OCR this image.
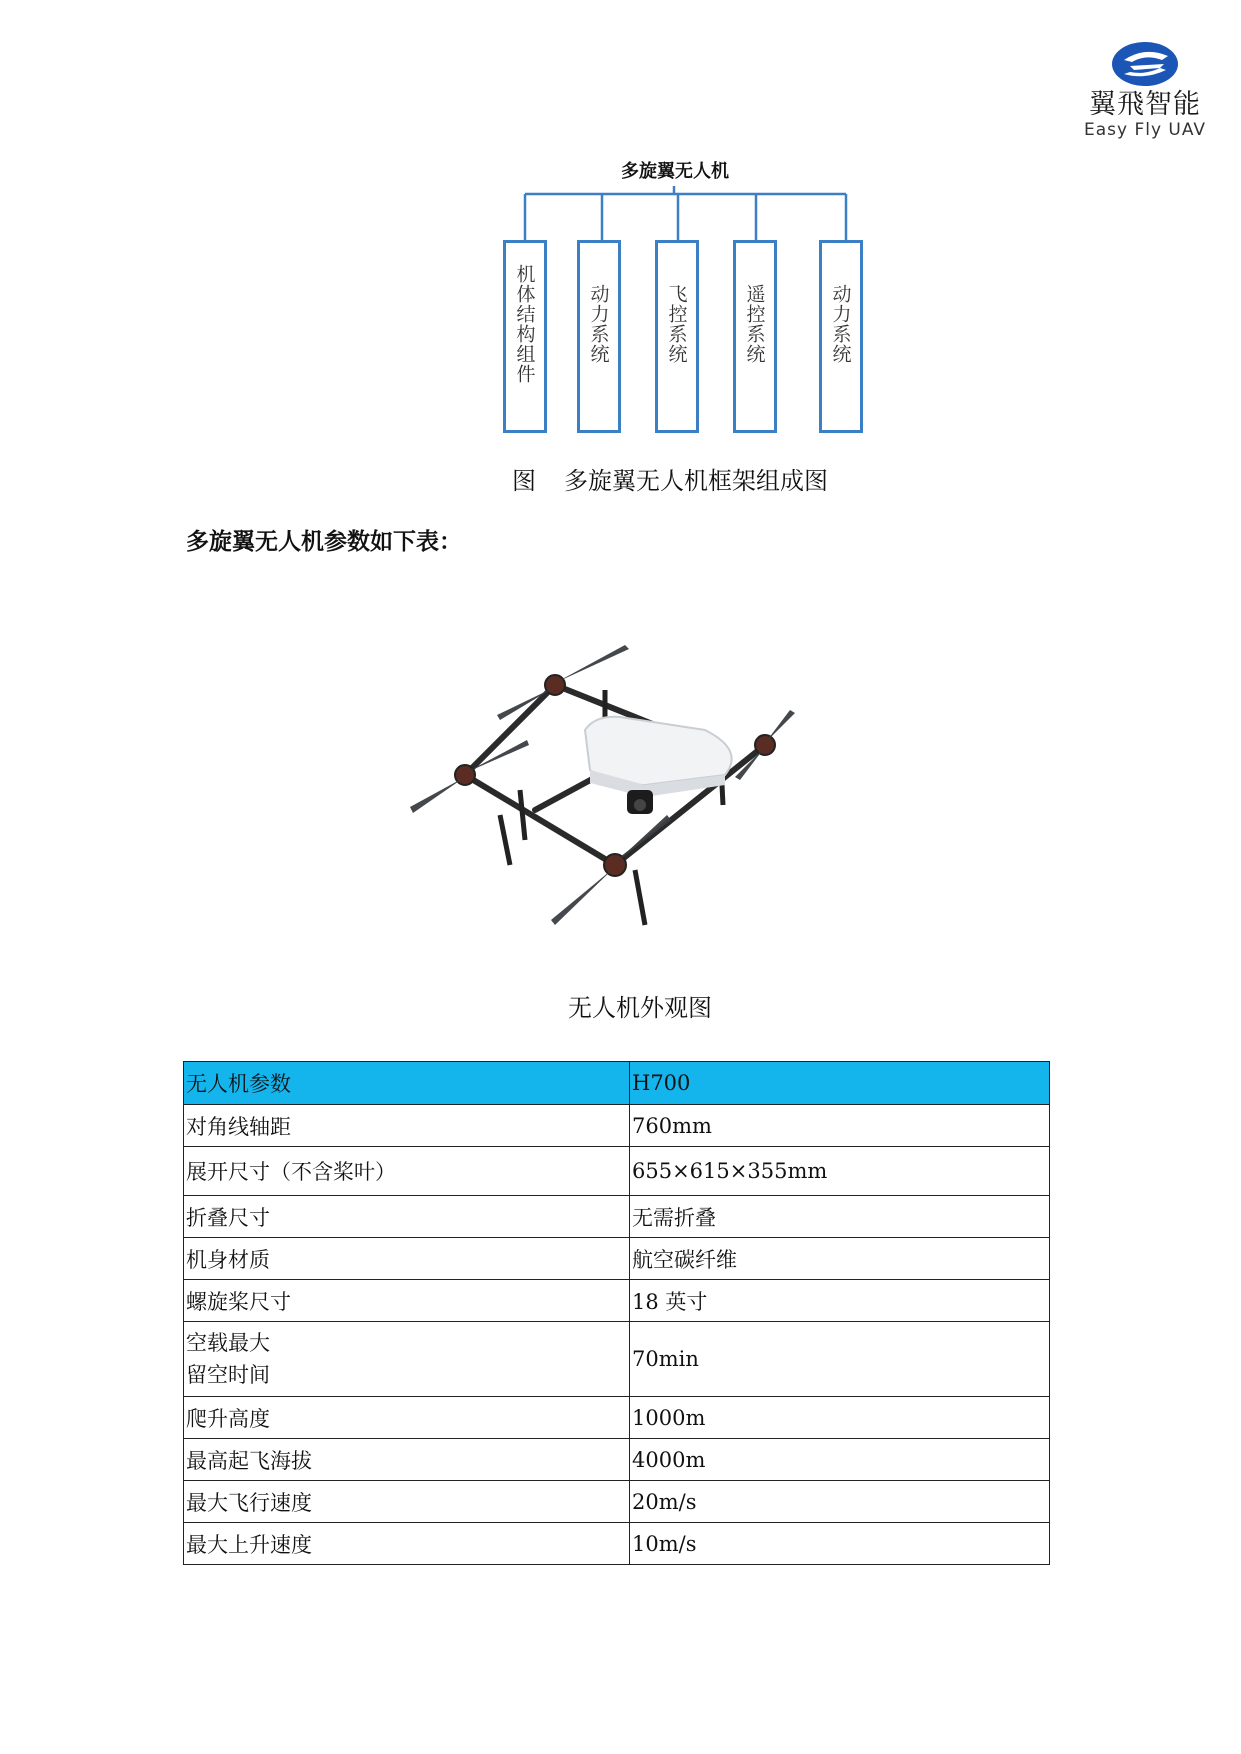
翼飛智能
Easy Fly UAV
多旋翼无人机
机体结构组件	动力系统	飞控系统	遥控系统	动力系统
图 多旋翼无人机框架组成图
多旋翼无人机参数如下表：
无人机外观图
无人机参数	H700
对角线轴距	760mm
展开尺寸（不含桨叶）	655×615×355mm
折叠尺寸	无需折叠
机身材质	航空碳纤维
螺旋桨尺寸	18 英寸

空载最大
留空时间	70min
爬升高度	1000m
最高起飞海拔	4000m
最大飞行速度	20m/s
最大上升速度	10m/s
